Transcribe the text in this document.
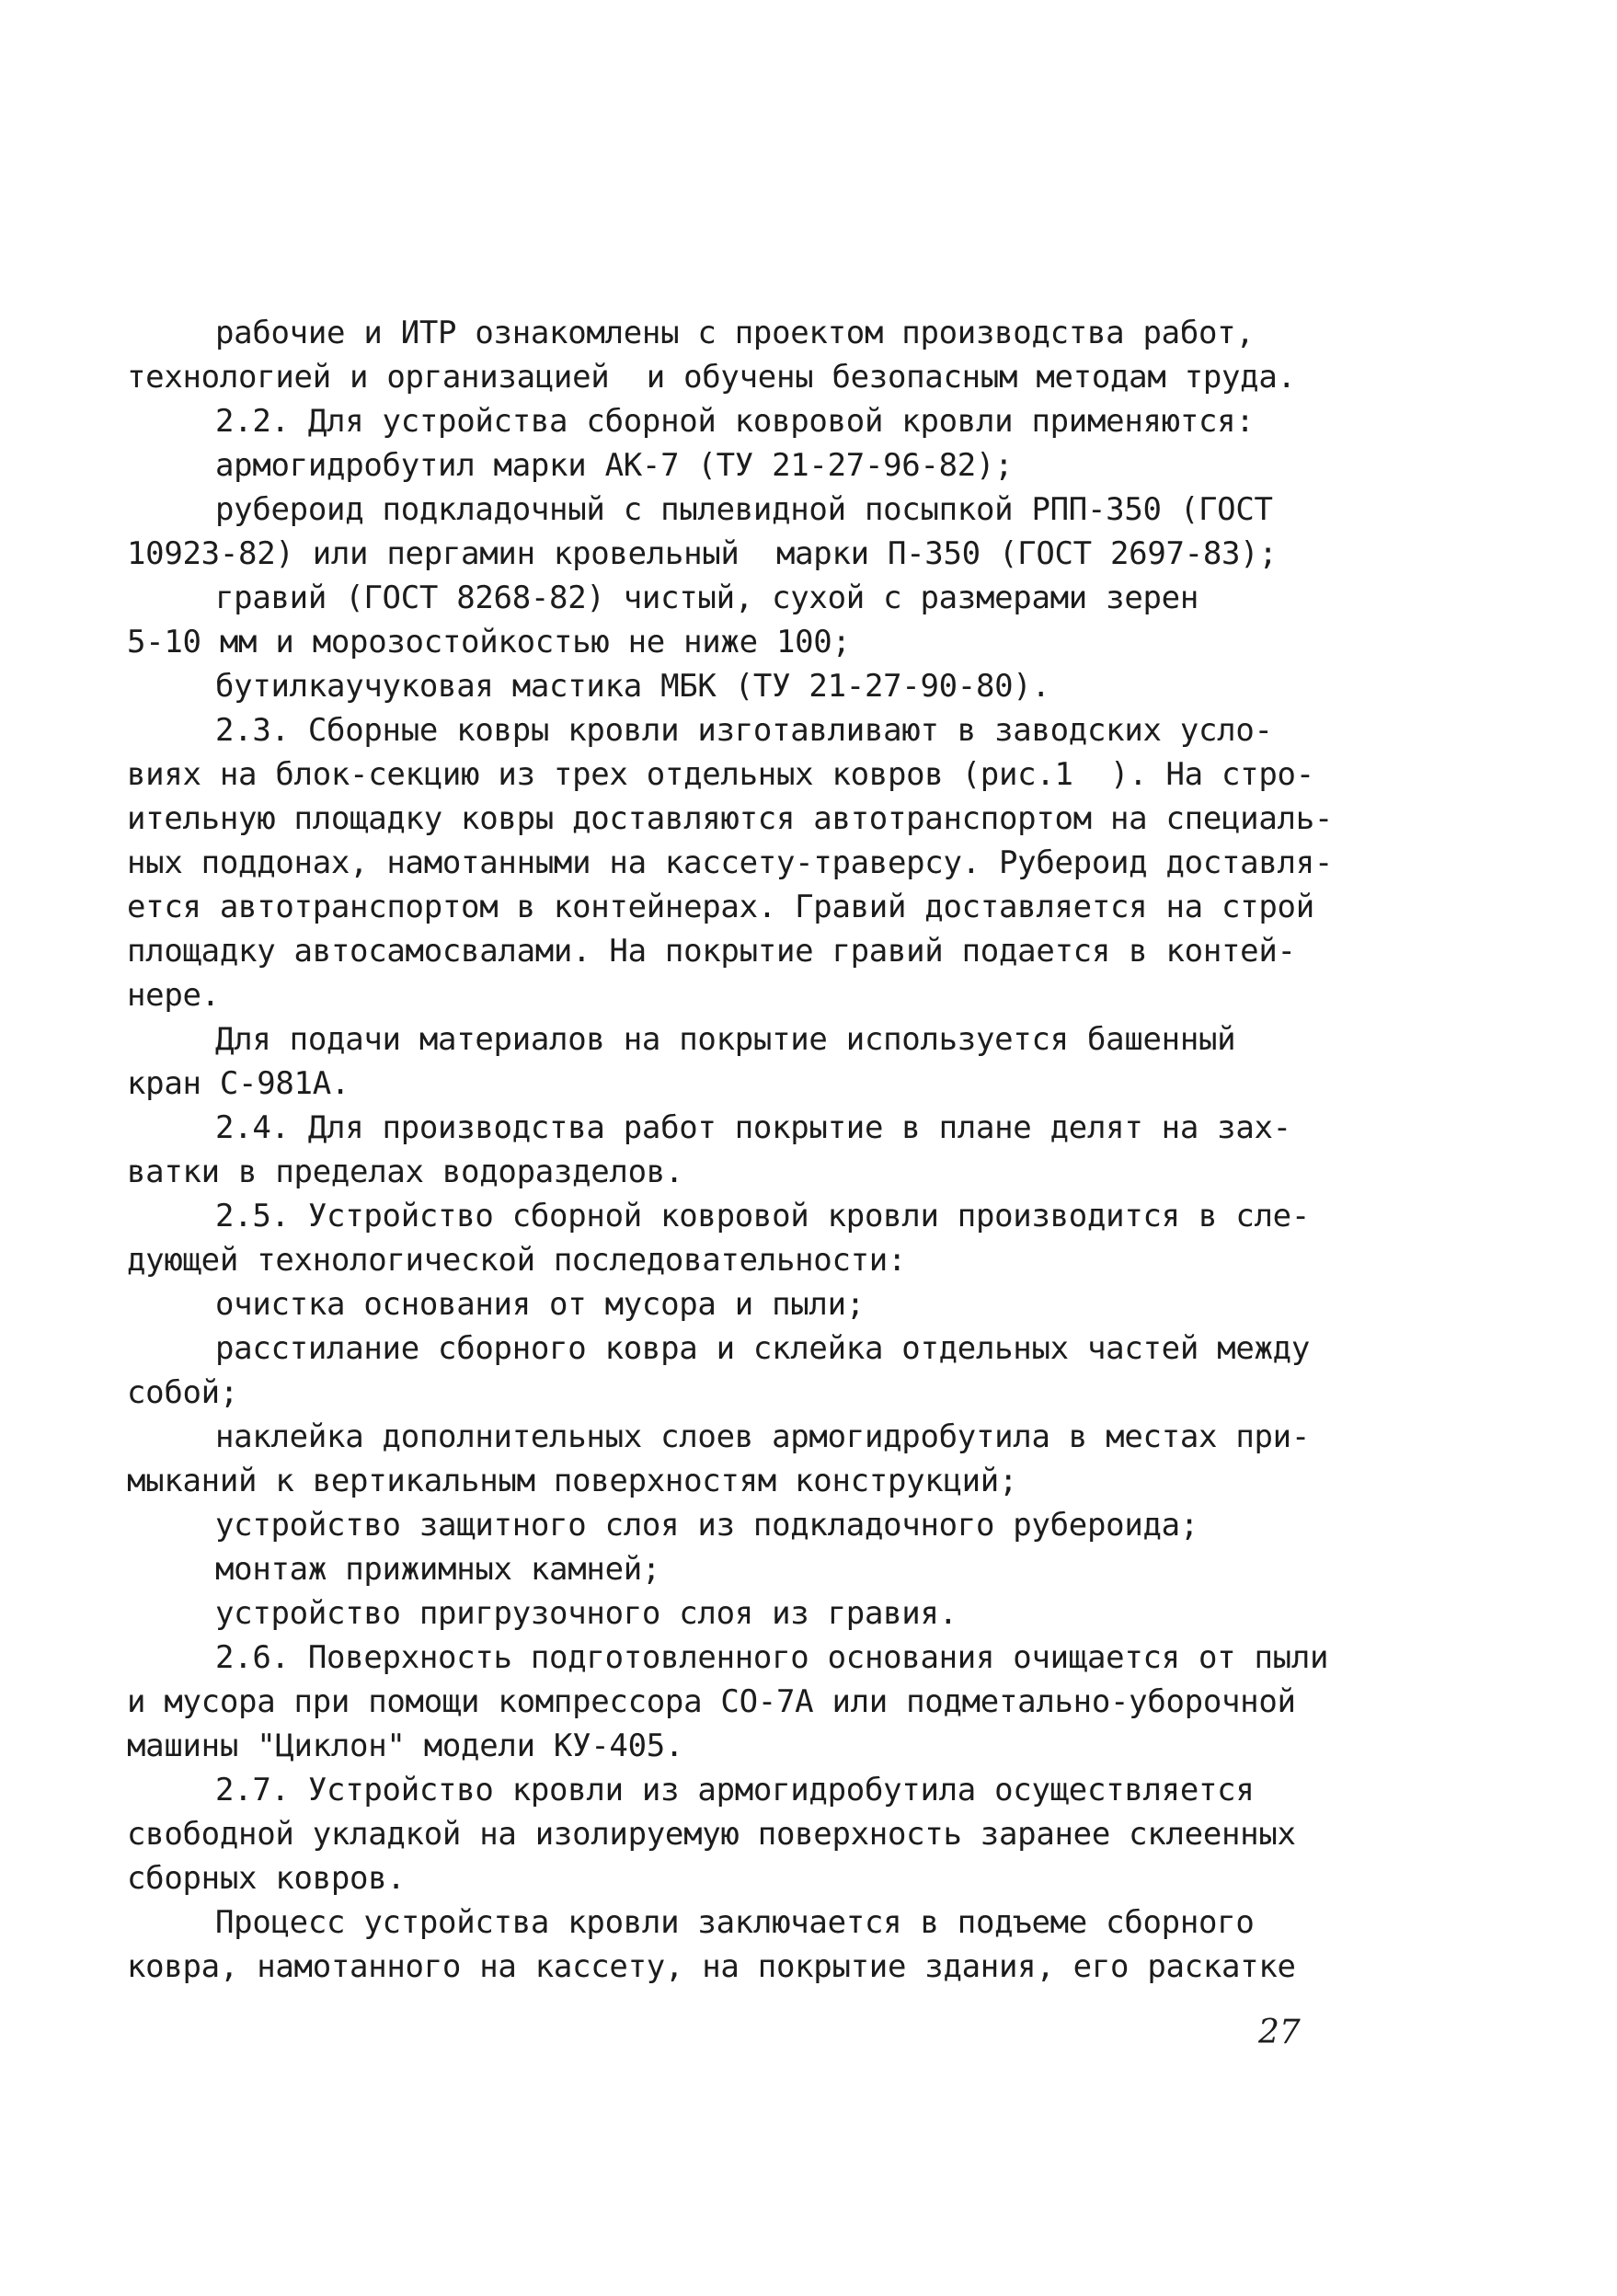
рабочие и ИТР ознакомлены с проектом производства работ,
технологией и организацией  и обучены безопасным методам труда.
2.2. Для устройства сборной ковровой кровли применяются:
армогидробутил марки АК-7 (ТУ 21-27-96-82);
рубероид подкладочный с пылевидной посыпкой РПП-350 (ГОСТ
10923-82) или пергамин кровельный  марки П-350 (ГОСТ 2697-83);
гравий (ГОСТ 8268-82) чистый, сухой с размерами зерен
5-10 мм и морозостойкостью не ниже 100;
бутилкаучуковая мастика МБК (ТУ 21-27-90-80).
2.3. Сборные ковры кровли изготавливают в заводских усло-
виях на блок-секцию из трех отдельных ковров (рис.1  ). На стро-
ительную площадку ковры доставляются автотранспортом на специаль-
ных поддонах, намотанными на кассету-траверсу. Рубероид доставля-
ется автотранспортом в контейнерах. Гравий доставляется на строй
площадку автосамосвалами. На покрытие гравий подается в контей-
нере.
Для подачи материалов на покрытие используется башенный
кран С-981А.
2.4. Для производства работ покрытие в плане делят на зах-
ватки в пределах водоразделов.
2.5. Устройство сборной ковровой кровли производится в сле-
дующей технологической последовательности:
очистка основания от мусора и пыли;
расстилание сборного ковра и склейка отдельных частей между
собой;
наклейка дополнительных слоев армогидробутила в местах при-
мыканий к вертикальным поверхностям конструкций;
устройство защитного слоя из подкладочного рубероида;
монтаж прижимных камней;
устройство пригрузочного слоя из гравия.
2.6. Поверхность подготовленного основания очищается от пыли
и мусора при помощи компрессора СО-7А или подметально-уборочной
машины "Циклон" модели КУ-405.
2.7. Устройство кровли из армогидробутила осуществляется
свободной укладкой на изолируемую поверхность заранее склеенных
сборных ковров.
Процесс устройства кровли заключается в подъеме сборного
ковра, намотанного на кассету, на покрытие здания, его раскатке
27
